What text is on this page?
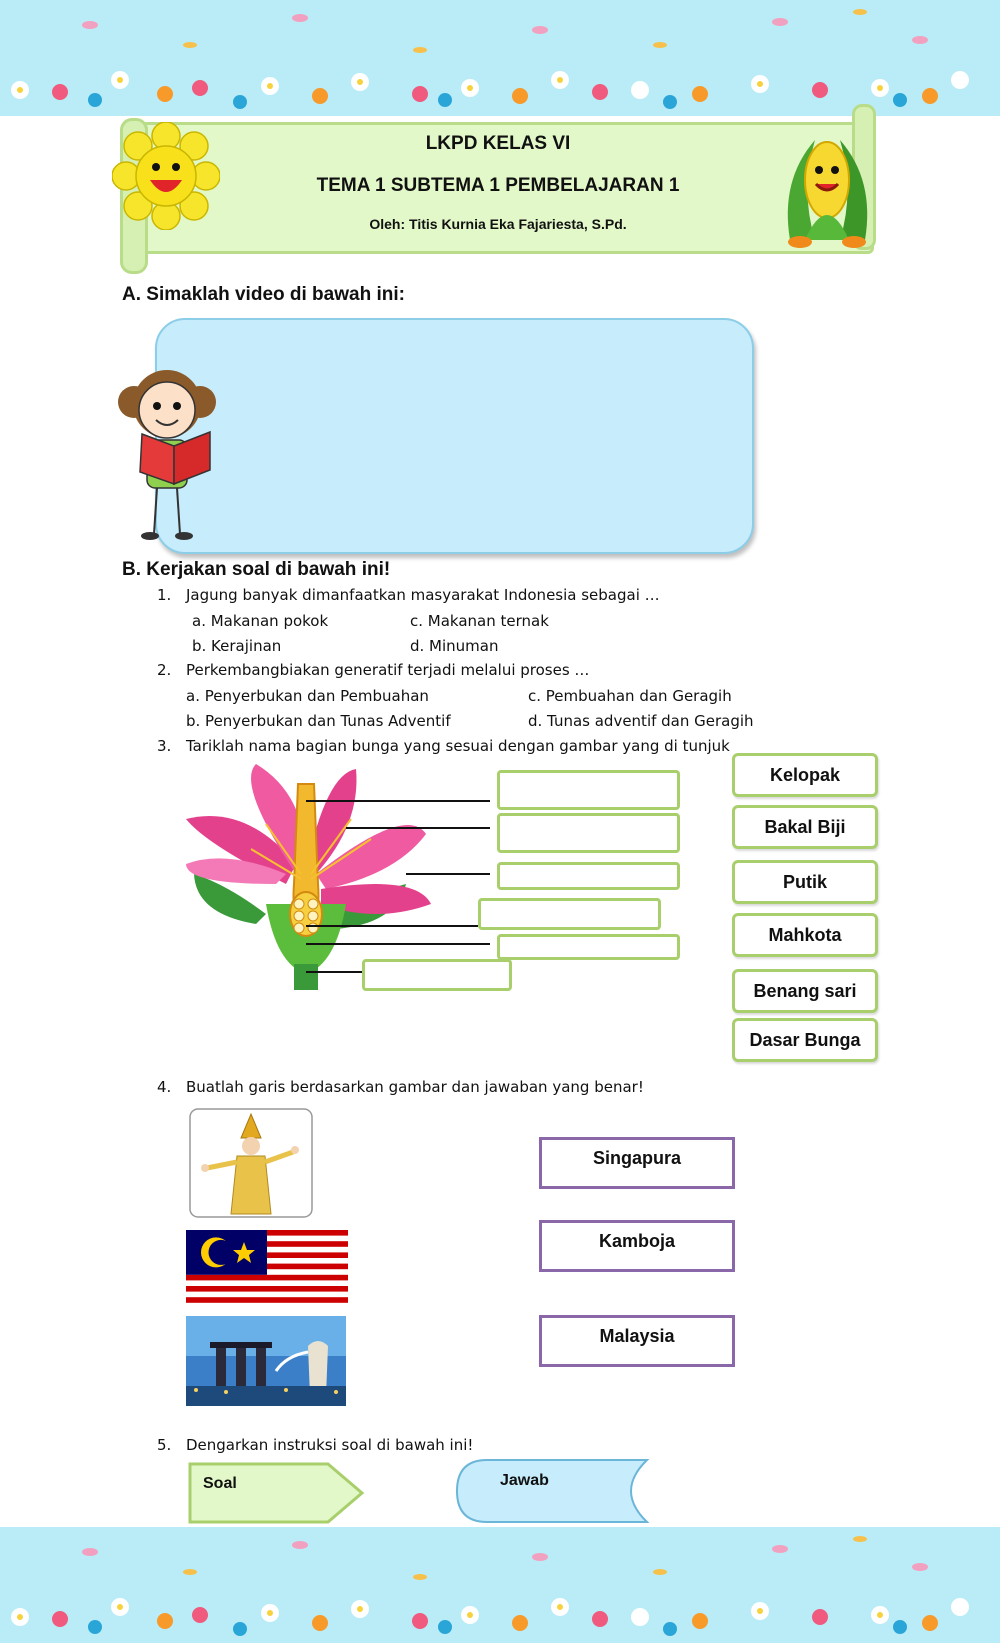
LKPD KELAS VI
TEMA 1 SUBTEMA 1 PEMBELAJARAN 1
Oleh: Titis Kurnia Eka Fajariesta, S.Pd.
A. Simaklah video di bawah ini:
B. Kerjakan soal di bawah ini!
1. Jagung banyak dimanfaatkan masyarakat Indonesia sebagai …
a. Makanan pokok
b. Kerajinan
c. Makanan ternak
d. Minuman
2. Perkembangbiakan generatif terjadi melalui proses …
a. Penyerbukan dan Pembuahan
b. Penyerbukan dan Tunas Adventif
c. Pembuahan dan Geragih
d. Tunas adventif dan Geragih
3. Tariklah nama bagian bunga yang sesuai dengan gambar yang di tunjuk
Kelopak
Bakal Biji
Putik
Mahkota
Benang sari
Dasar Bunga
4. Buatlah garis berdasarkan gambar dan jawaban yang benar!
Singapura
Kamboja
Malaysia
5. Dengarkan instruksi soal di bawah ini!
Soal	Jawab
